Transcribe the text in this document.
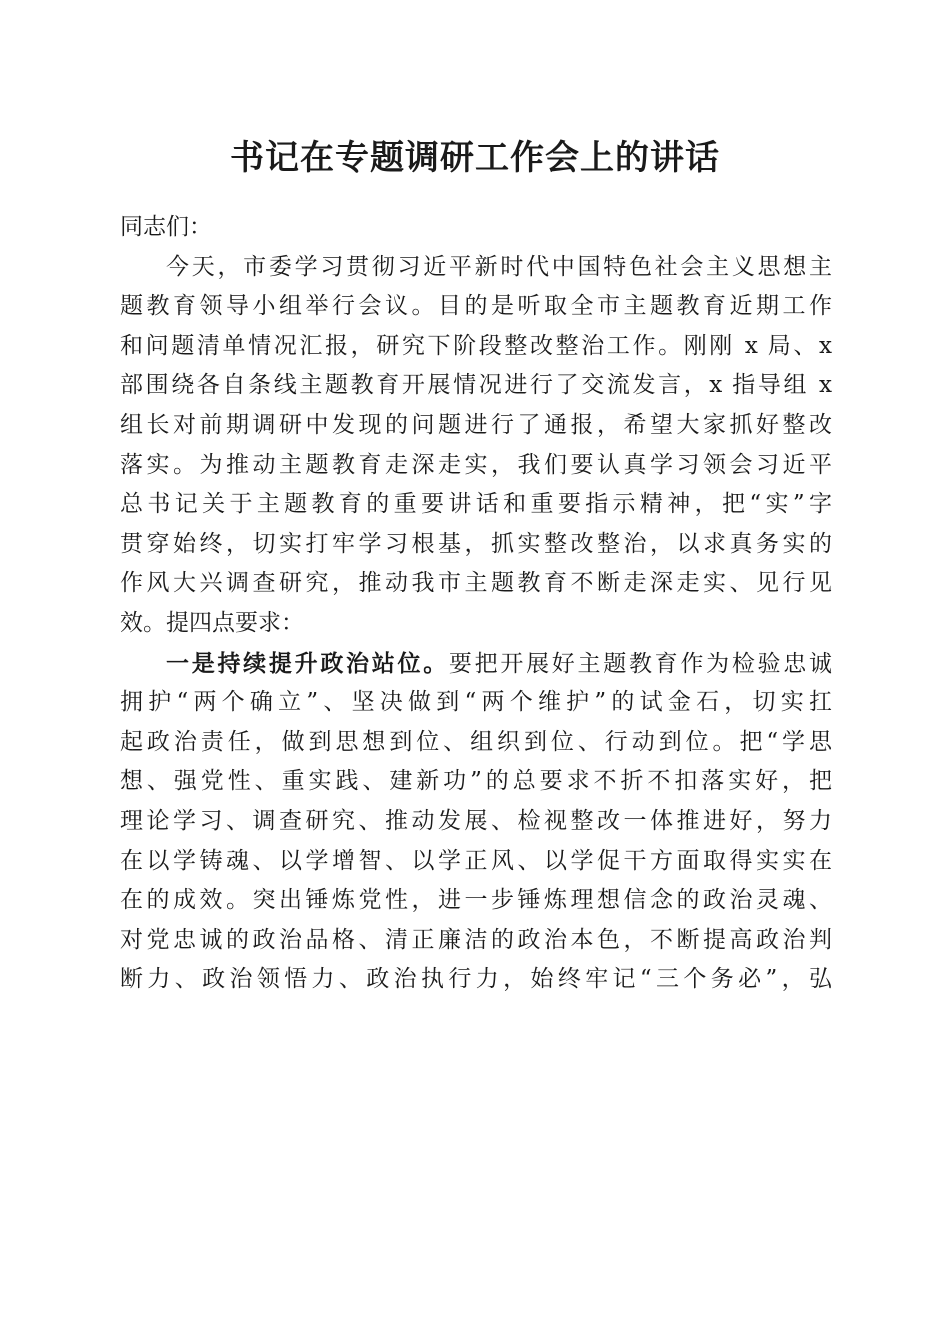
书记在专题调研工作会上的讲话
同志们：
今天，市委学习贯彻习近平新时代中国特色社会主义思想主
题教育领导小组举行会议。目的是听取全市主题教育近期工作
和问题清单情况汇报，研究下阶段整改整治工作。刚刚 x 局、x
部围绕各自条线主题教育开展情况进行了交流发言，x 指导组 x
组长对前期调研中发现的问题进行了通报，希望大家抓好整改
落实。为推动主题教育走深走实，我们要认真学习领会习近平
总书记关于主题教育的重要讲话和重要指示精神，把“实”字
贯穿始终，切实打牢学习根基，抓实整改整治，以求真务实的
作风大兴调查研究，推动我市主题教育不断走深走实、见行见
效。提四点要求：
一是持续提升政治站位。要把开展好主题教育作为检验忠诚
拥护“两个确立”、坚决做到“两个维护”的试金石，切实扛
起政治责任，做到思想到位、组织到位、行动到位。把“学思
想、强党性、重实践、建新功”的总要求不折不扣落实好，把
理论学习、调查研究、推动发展、检视整改一体推进好，努力
在以学铸魂、以学增智、以学正风、以学促干方面取得实实在
在的成效。突出锤炼党性，进一步锤炼理想信念的政治灵魂、
对党忠诚的政治品格、清正廉洁的政治本色，不断提高政治判
断力、政治领悟力、政治执行力，始终牢记“三个务必”，弘
